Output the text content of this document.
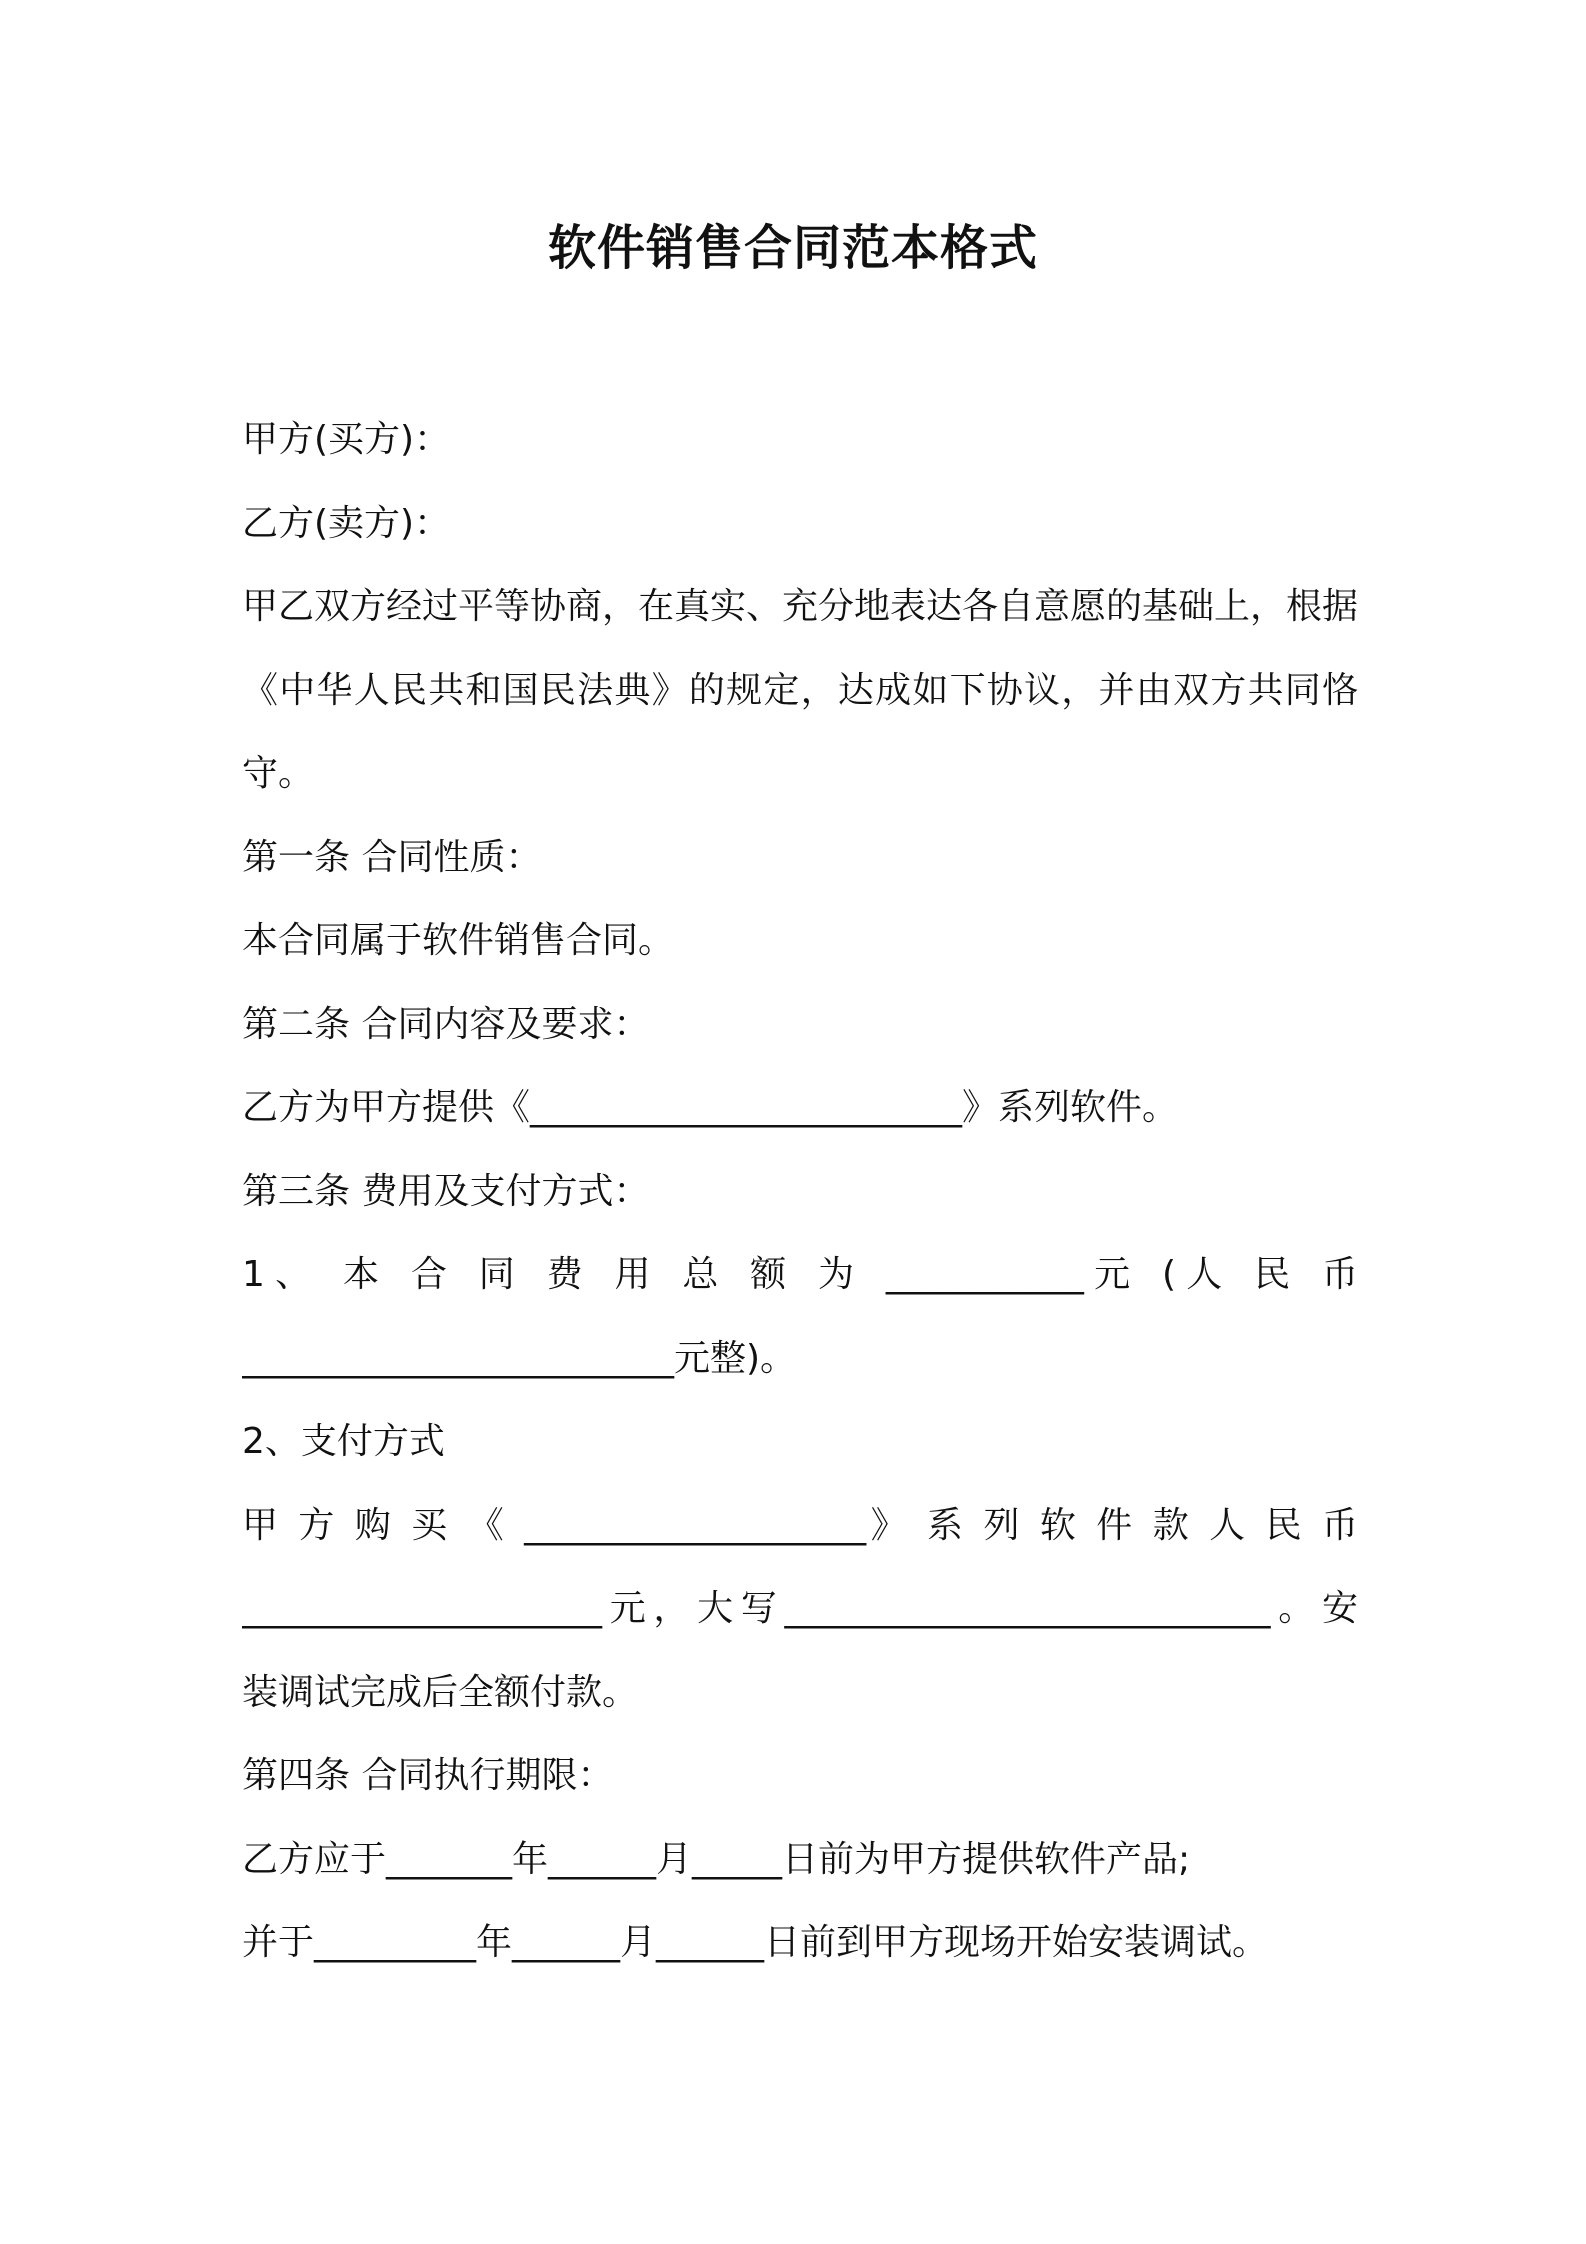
软件销售合同范本格式
甲方(买方)：
乙方(卖方)：
甲乙双方经过平等协商，在真实、充分地表达各自意愿的基础上，根据《中华人民共和国民法典》的规定，达成如下协议，并由双方共同恪守。
第一条 合同性质：
本合同属于软件销售合同。
第二条 合同内容及要求：
乙方为甲方提供《________________________》系列软件。
第三条 费用及支付方式：
1、 本 合 同 费 用 总 额 为 ___________元 (人 民 币
________________________元整)。
2、支付方式
甲 方 购 买 《 ___________________》 系 列 软 件 款 人 民 币
____________________元，大写___________________________。安
装调试完成后全额付款。
第四条 合同执行期限：
乙方应于_______年______月_____日前为甲方提供软件产品;
并于_________年______月______日前到甲方现场开始安装调试。
